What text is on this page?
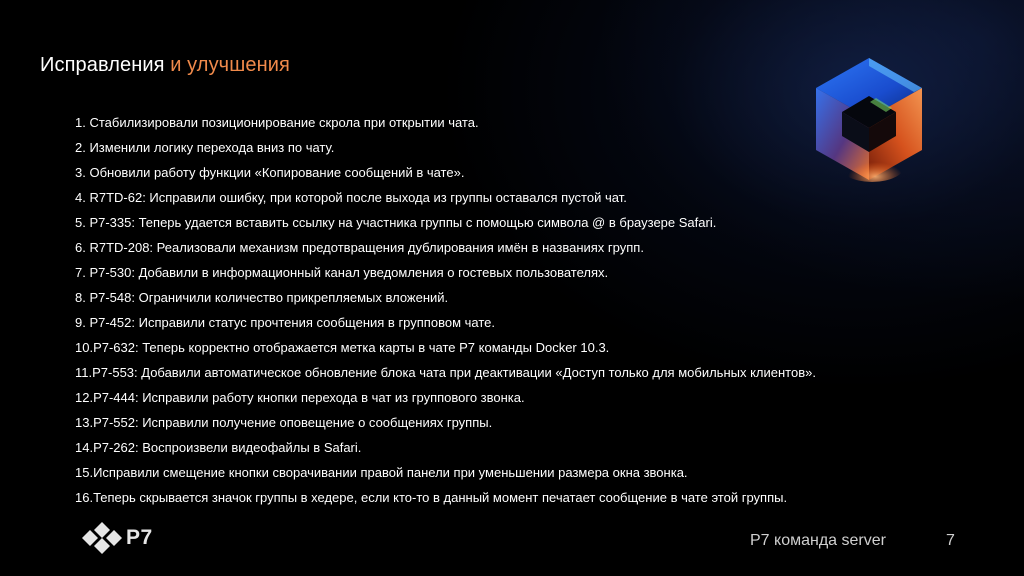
Исправления и улучшения
1. Стабилизировали позиционирование скрола при открытии чата.
2. Изменили логику перехода вниз по чату.
3. Обновили работу функции «Копирование сообщений в чате».
4. R7TD-62: Исправили ошибку, при которой после выхода из группы оставался пустой чат.
5. P7-335: Теперь удается вставить ссылку на участника группы с помощью символа @ в браузере Safari.
6. R7TD-208: Реализовали механизм предотвращения дублирования имён в названиях групп.
7. P7-530: Добавили в информационный канал уведомления о гостевых пользователях.
8. P7-548: Ограничили количество прикрепляемых вложений.
9. P7-452: Исправили статус прочтения сообщения в групповом чате.
10.P7-632: Теперь корректно отображается метка карты в чате P7 команды Docker 10.3.
11.P7-553: Добавили автоматическое обновление блока чата при деактивации «Доступ только для мобильных клиентов».
12.P7-444: Исправили работу кнопки перехода в чат из группового звонка.
13.P7-552: Исправили получение оповещение о сообщениях группы.
14.P7-262: Воспроизвели видеофайлы в Safari.
15.Исправили смещение кнопки сворачивании правой панели при уменьшении размера окна звонка.
16.Теперь скрывается значок группы в хедере, если кто-то в данный момент печатает сообщение в чате этой группы.
P7	P7 команда server	7
